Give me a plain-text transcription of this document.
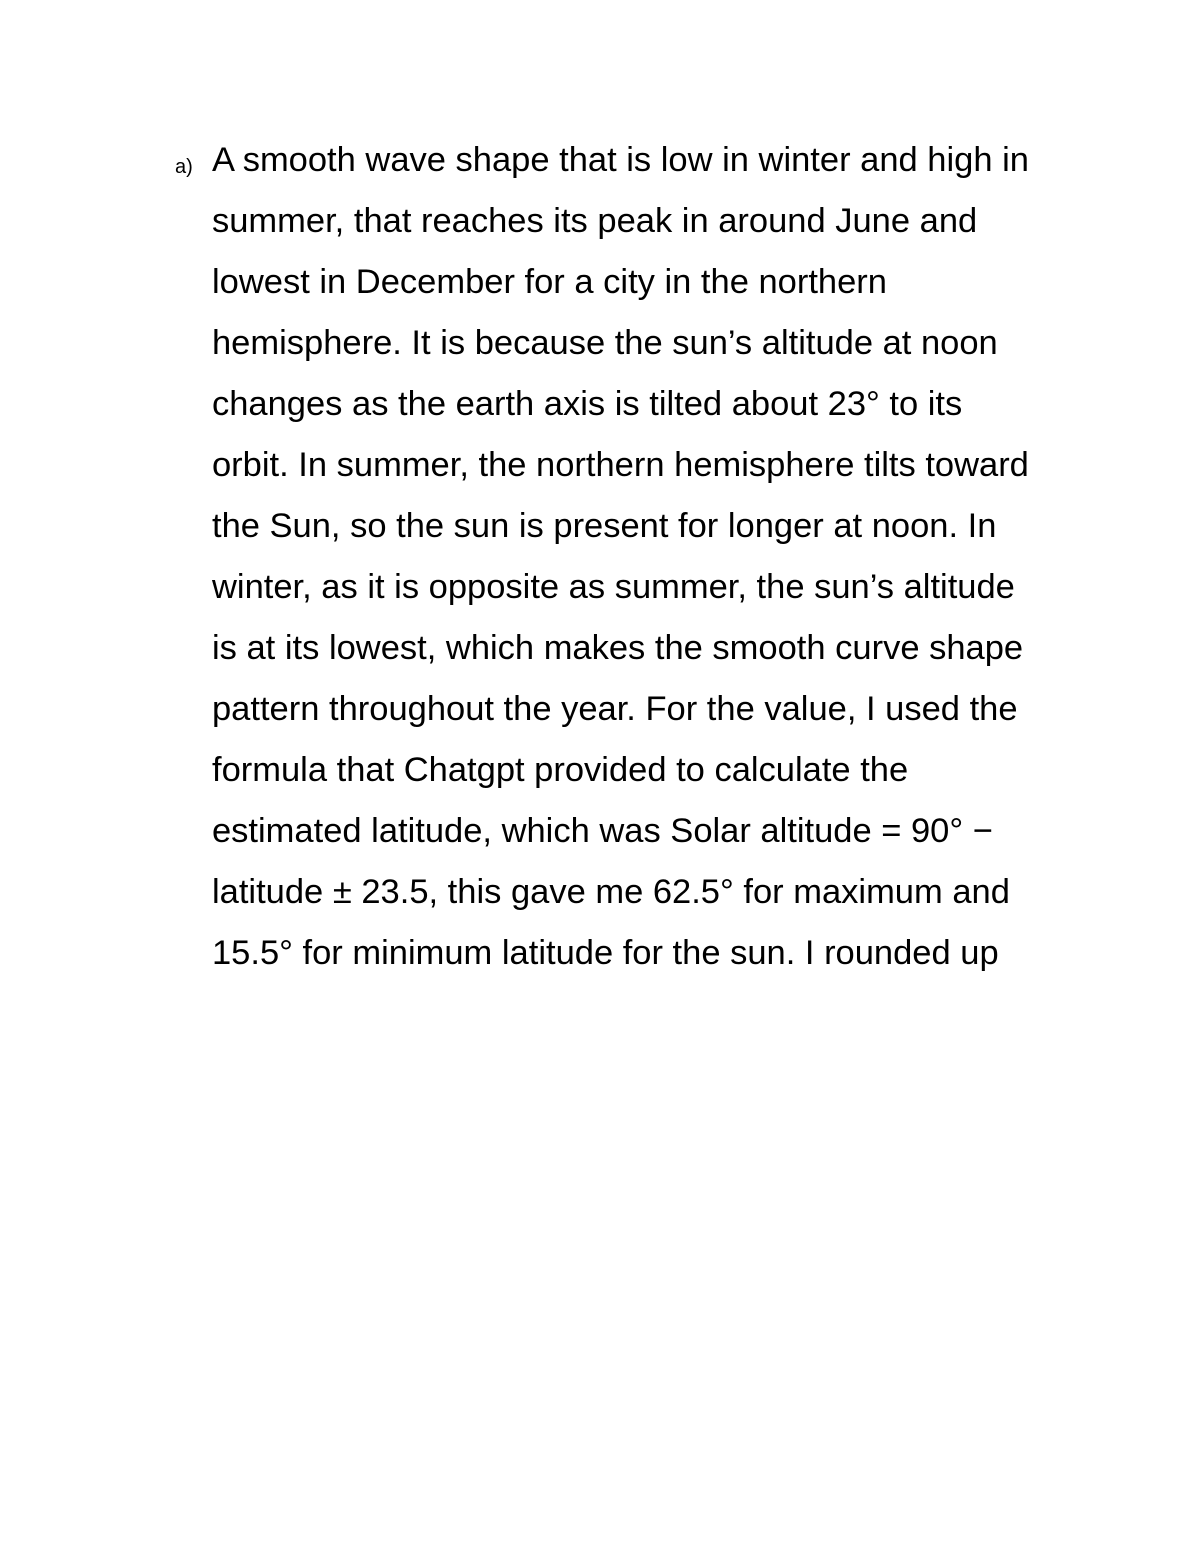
a) A smooth wave shape that is low in winter and high in
summer, that reaches its peak in around June and
lowest in December for a city in the northern
hemisphere. It is because the sun’s altitude at noon
changes as the earth axis is tilted about 23° to its
orbit. In summer, the northern hemisphere tilts toward
the Sun, so the sun is present for longer at noon. In
winter, as it is opposite as summer, the sun’s altitude
is at its lowest, which makes the smooth curve shape
pattern throughout the year. For the value, I used the
formula that Chatgpt provided to calculate the
estimated latitude, which was Solar altitude = 90° −
latitude ± 23.5, this gave me 62.5° for maximum and
15.5° for minimum latitude for the sun. I rounded up
